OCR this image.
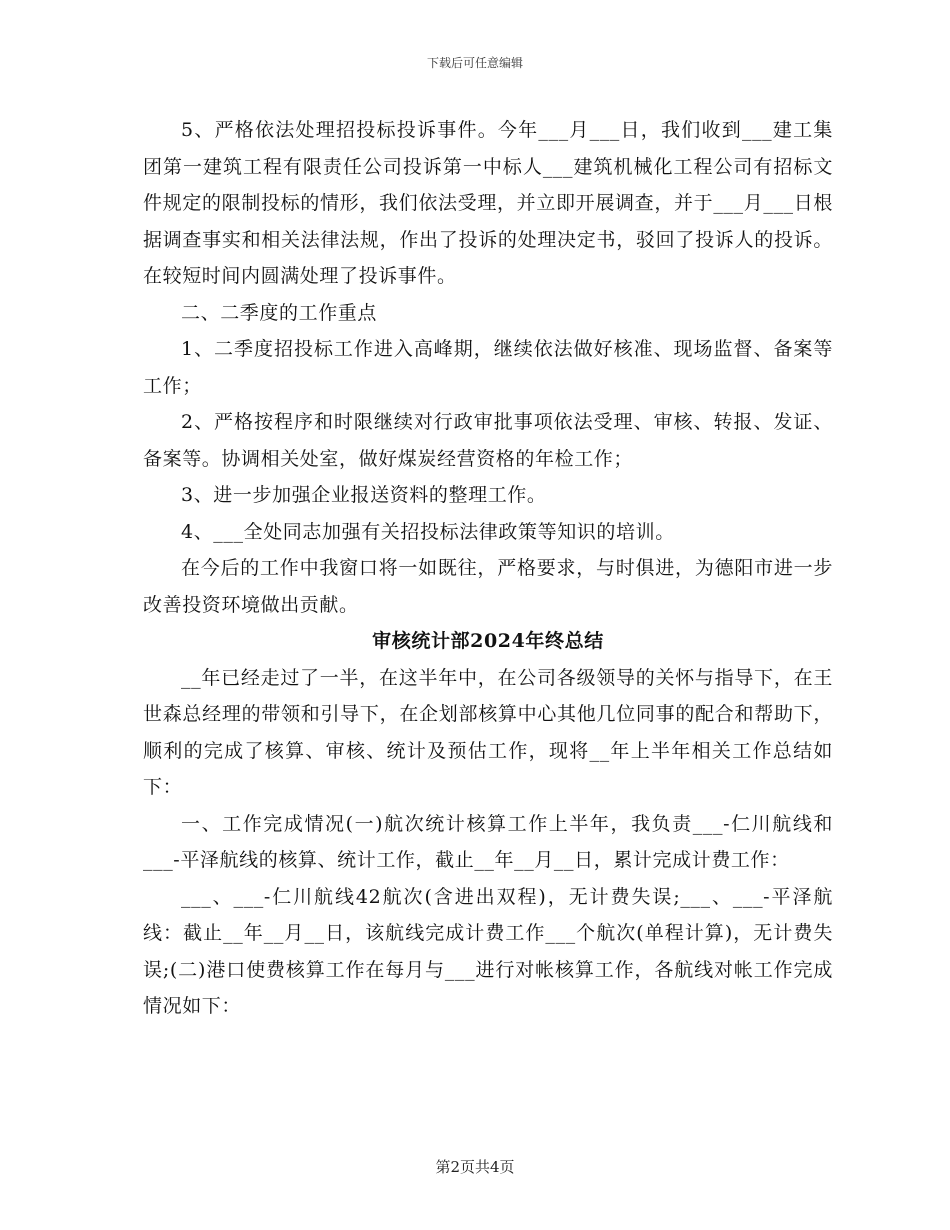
下载后可任意编辑

5、严格依法处理招投标投诉事件。今年___月___日，我们收到___建工集团第一建筑工程有限责任公司投诉第一中标人___建筑机械化工程公司有招标文件规定的限制投标的情形，我们依法受理，并立即开展调查，并于___月___日根据调查事实和相关法律法规，作出了投诉的处理决定书，驳回了投诉人的投诉。在较短时间内圆满处理了投诉事件。

二、二季度的工作重点

1、二季度招投标工作进入高峰期，继续依法做好核准、现场监督、备案等工作；

2、严格按程序和时限继续对行政审批事项依法受理、审核、转报、发证、备案等。协调相关处室，做好煤炭经营资格的年检工作；

3、进一步加强企业报送资料的整理工作。

4、___全处同志加强有关招投标法律政策等知识的培训。

在今后的工作中我窗口将一如既往，严格要求，与时俱进，为德阳市进一步改善投资环境做出贡献。

审核统计部2024年终总结

__年已经走过了一半，在这半年中，在公司各级领导的关怀与指导下，在王世森总经理的带领和引导下，在企划部核算中心其他几位同事的配合和帮助下，顺利的完成了核算、审核、统计及预估工作，现将__年上半年相关工作总结如下：

一、工作完成情况(一)航次统计核算工作上半年，我负责___-仁川航线和___-平泽航线的核算、统计工作，截止__年__月__日，累计完成计费工作：

___、___-仁川航线42航次(含进出双程)，无计费失误;___、___-平泽航线：截止__年__月__日，该航线完成计费工作___个航次(单程计算)，无计费失误;(二)港口使费核算工作在每月与___进行对帐核算工作，各航线对帐工作完成情况如下：

第2页共4页
